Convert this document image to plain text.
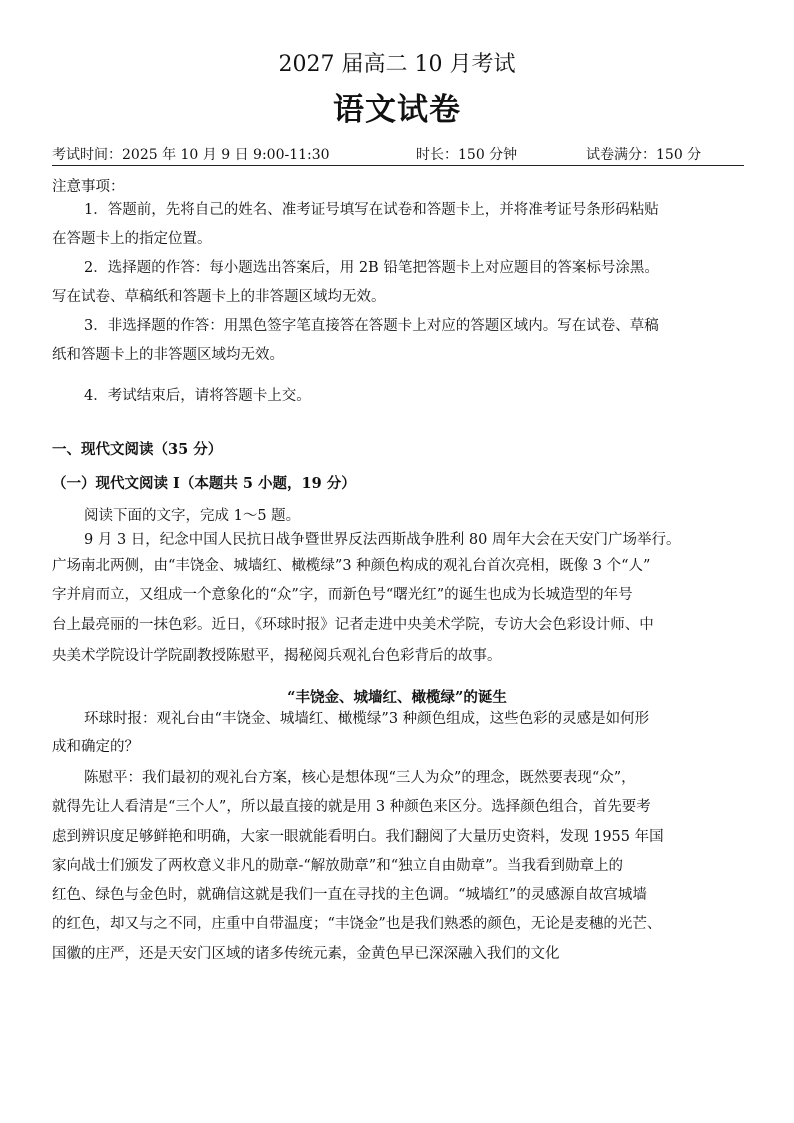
2027 届高二 10 月考试
语文试卷
考试时间：2025 年 10 月 9 日 9:00-11:30	时长：150 分钟	试卷满分：150 分
注意事项：
1．答题前，先将自己的姓名、准考证号填写在试卷和答题卡上，并将准考证号条形码粘贴
在答题卡上的指定位置。
2．选择题的作答：每小题选出答案后，用 2B 铅笔把答题卡上对应题目的答案标号涂黑。
写在试卷、草稿纸和答题卡上的非答题区域均无效。
3．非选择题的作答：用黑色签字笔直接答在答题卡上对应的答题区域内。写在试卷、草稿
纸和答题卡上的非答题区域均无效。
4．考试结束后，请将答题卡上交。
一、现代文阅读（35 分）
（一）现代文阅读 I（本题共 5 小题，19 分）
阅读下面的文字，完成 1～5 题。
9 月 3 日，纪念中国人民抗日战争暨世界反法西斯战争胜利 80 周年大会在天安门广场举行。
广场南北两侧，由“丰饶金、城墙红、橄榄绿”3 种颜色构成的观礼台首次亮相，既像 3 个“人”
字并肩而立，又组成一个意象化的“众”字，而新色号“曙光红”的诞生也成为长城造型的年号
台上最亮丽的一抹色彩。近日，《环球时报》记者走进中央美术学院，专访大会色彩设计师、中
央美术学院设计学院副教授陈慰平，揭秘阅兵观礼台色彩背后的故事。
“丰饶金、城墙红、橄榄绿”的诞生
环球时报：观礼台由“丰饶金、城墙红、橄榄绿”3 种颜色组成，这些色彩的灵感是如何形
成和确定的？
陈慰平：我们最初的观礼台方案，核心是想体现“三人为众”的理念，既然要表现“众”，
就得先让人看清是“三个人”，所以最直接的就是用 3 种颜色来区分。选择颜色组合，首先要考
虑到辨识度足够鲜艳和明确，大家一眼就能看明白。我们翻阅了大量历史资料，发现 1955 年国
家向战士们颁发了两枚意义非凡的勋章-“解放勋章”和“独立自由勋章”。当我看到勋章上的
红色、绿色与金色时，就确信这就是我们一直在寻找的主色调。“城墙红”的灵感源自故宫城墙
的红色，却又与之不同，庄重中自带温度；“丰饶金”也是我们熟悉的颜色，无论是麦穗的光芒、
国徽的庄严，还是天安门区域的诸多传统元素，金黄色早已深深融入我们的文化
